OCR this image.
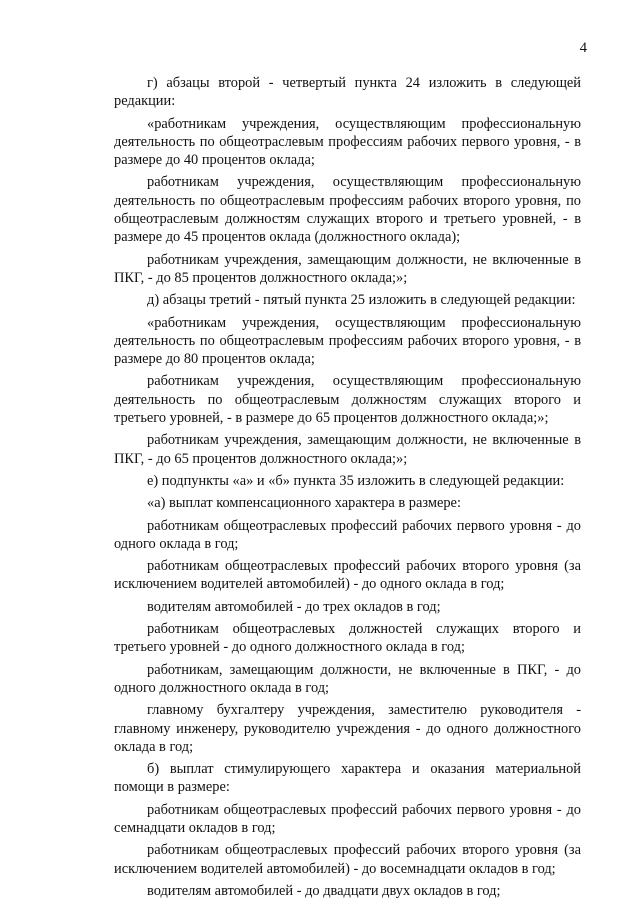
4

г) абзацы второй - четвертый пункта 24 изложить в следующей редакции:

«работникам учреждения, осуществляющим профессиональную деятельность по общеотраслевым профессиям рабочих первого уровня, - в размере до 40 процентов оклада;

работникам учреждения, осуществляющим профессиональную деятельность по общеотраслевым профессиям рабочих второго уровня, по общеотраслевым должностям служащих второго и третьего уровней, - в размере до 45 процентов оклада (должностного оклада);

работникам учреждения, замещающим должности, не включенные в ПКГ, - до 85 процентов должностного оклада;»;

д) абзацы третий - пятый пункта 25 изложить в следующей редакции:

«работникам учреждения, осуществляющим профессиональную деятельность по общеотраслевым профессиям рабочих второго уровня, - в размере до 80 процентов оклада;

работникам учреждения, осуществляющим профессиональную деятельность по общеотраслевым должностям служащих второго и третьего уровней, - в размере до 65 процентов должностного оклада;»;

работникам учреждения, замещающим должности, не включенные в ПКГ, - до 65 процентов должностного оклада;»;

е) подпункты «а» и «б» пункта 35 изложить в следующей редакции:

«а) выплат компенсационного характера в размере:

работникам общеотраслевых профессий рабочих первого уровня - до одного оклада в год;

работникам общеотраслевых профессий рабочих второго уровня (за исключением водителей автомобилей) - до одного оклада в год;

водителям автомобилей - до трех окладов в год;

работникам общеотраслевых должностей служащих второго и третьего уровней - до одного должностного оклада в год;

работникам, замещающим должности, не включенные в ПКГ, - до одного должностного оклада в год;

главному бухгалтеру учреждения, заместителю руководителя - главному инженеру, руководителю учреждения - до одного должностного оклада в год;

б) выплат стимулирующего характера и оказания материальной помощи в размере:

работникам общеотраслевых профессий рабочих первого уровня - до семнадцати окладов в год;

работникам общеотраслевых профессий рабочих второго уровня (за исключением водителей автомобилей) - до восемнадцати окладов в год;

водителям автомобилей - до двадцати двух окладов в год;
